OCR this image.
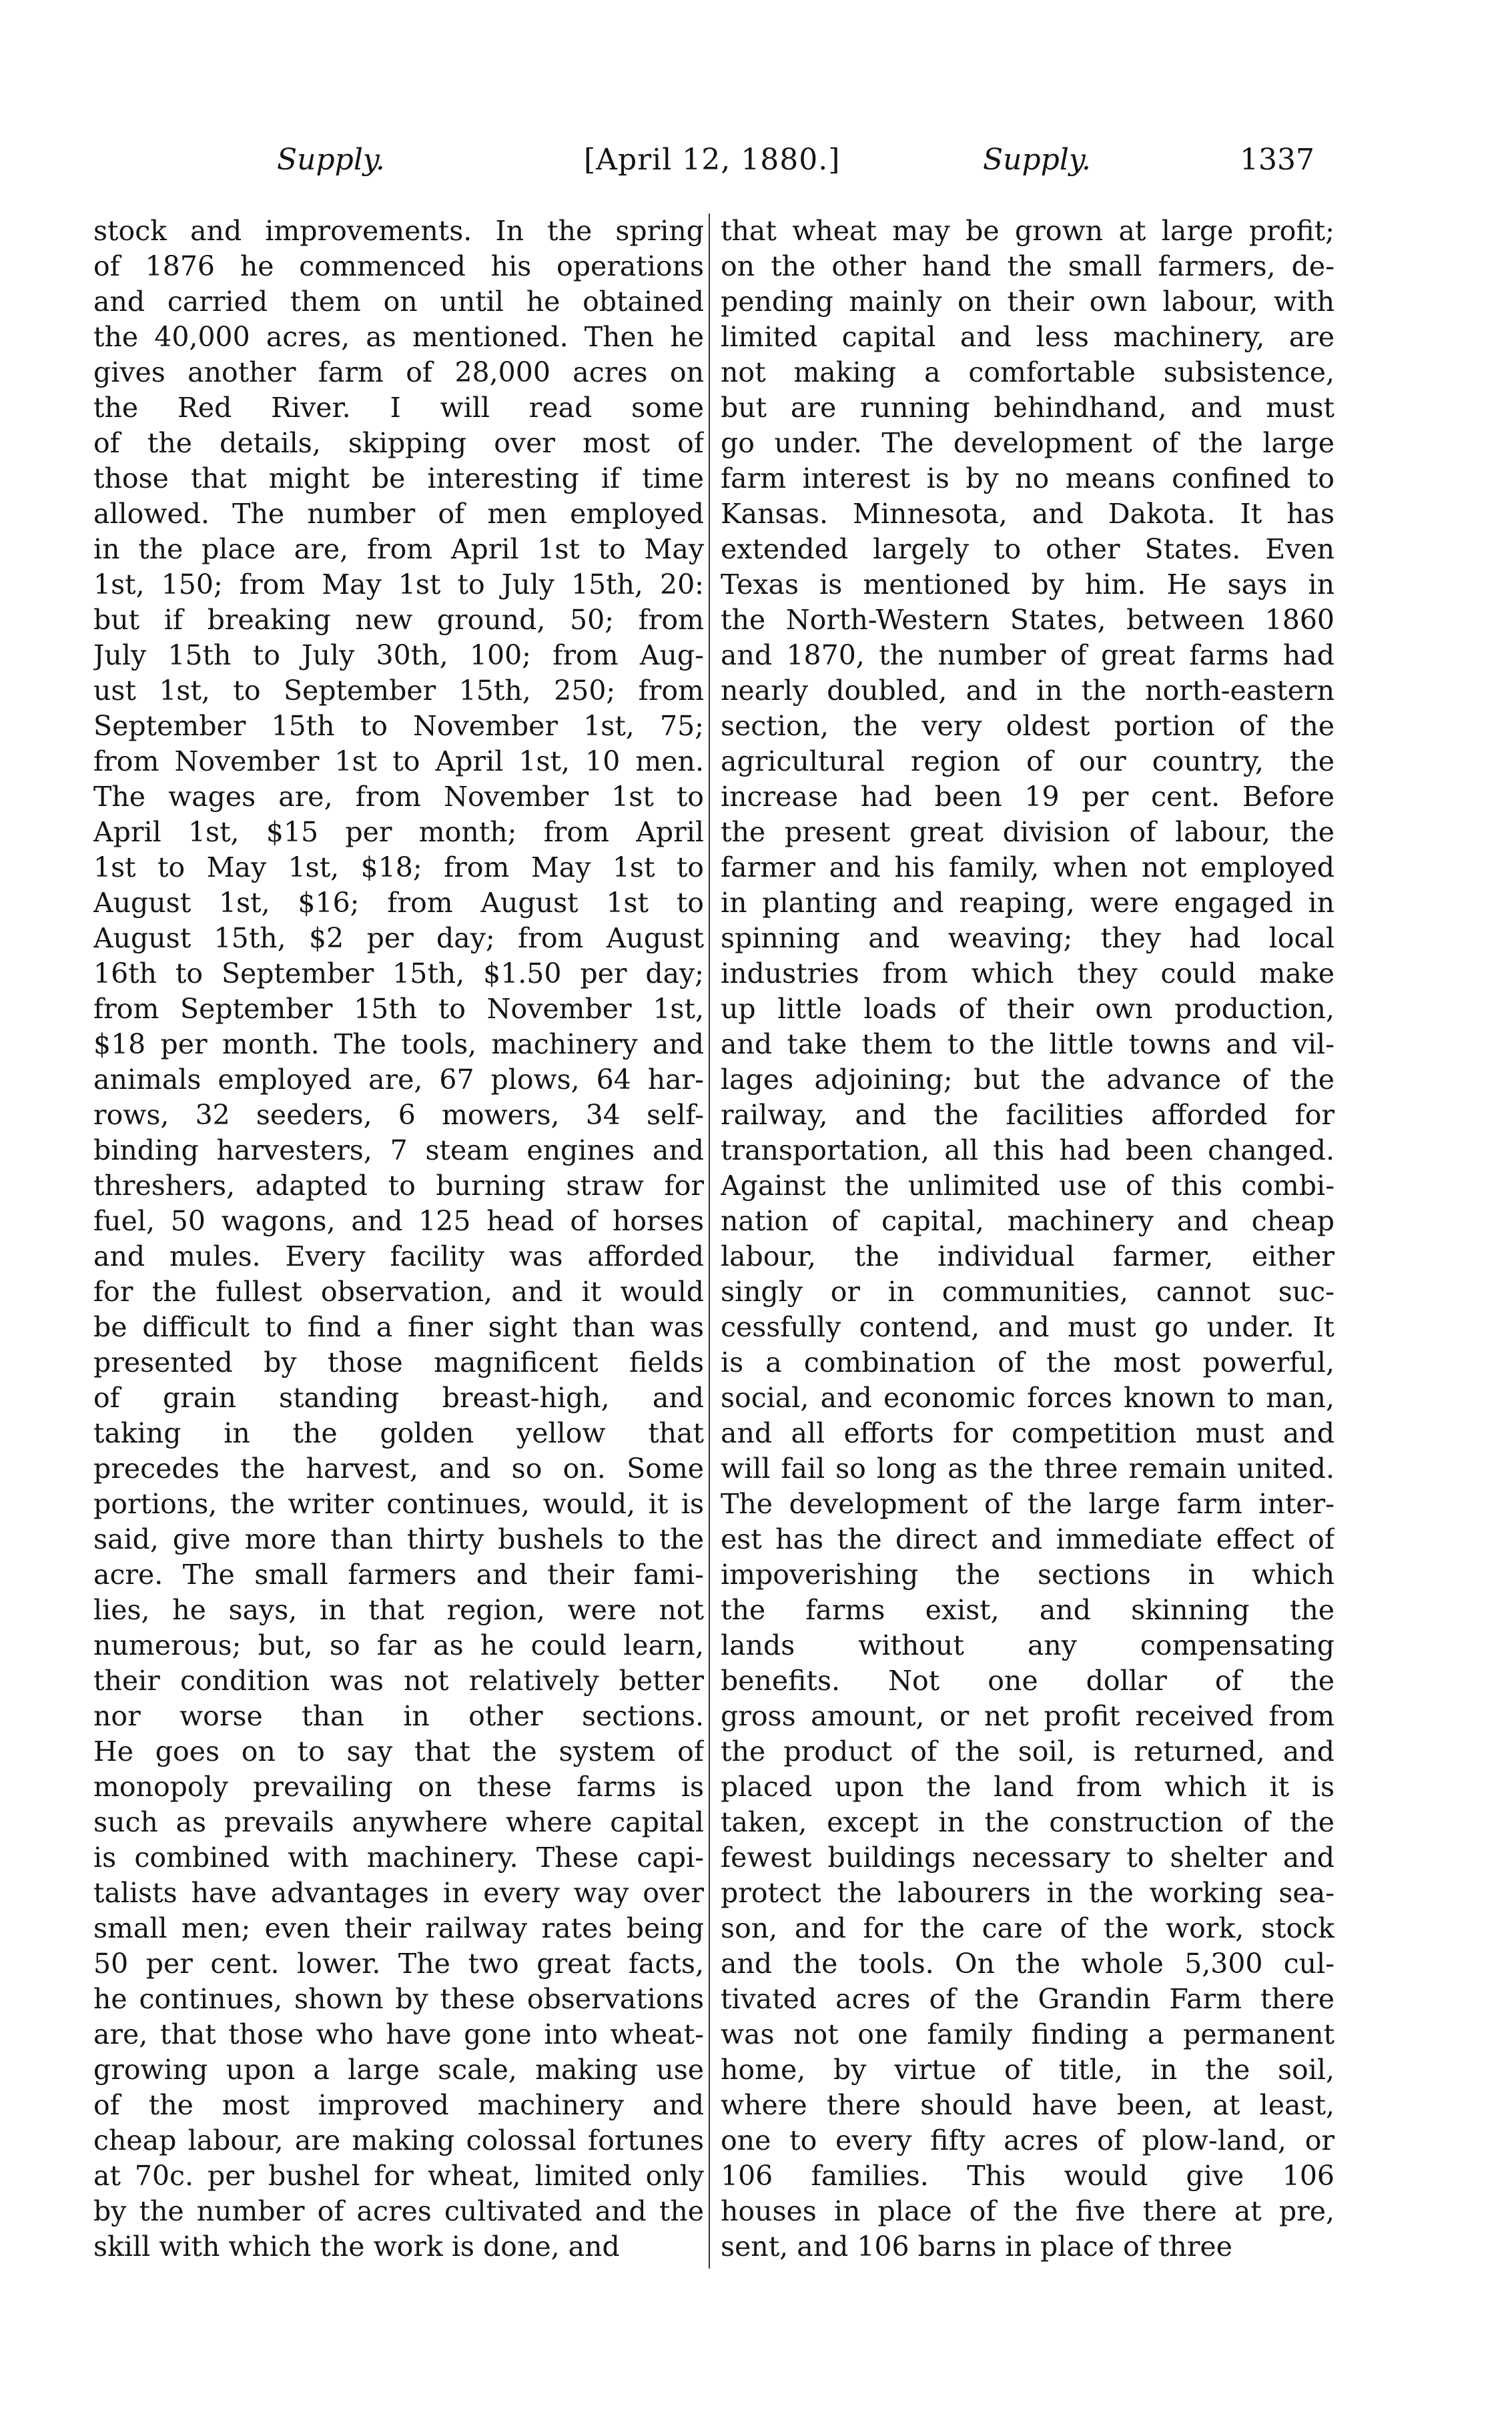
Supply.	[April 12, 1880.]	Supply.	1337
stock and improvements. In the spring
of 1876 he commenced his operations
and carried them on until he obtained
the 40,000 acres, as mentioned. Then he
gives another farm of 28,000 acres on
the Red River. I will read some
of the details, skipping over most of
those that might be interesting if time
allowed. The number of men employed
in the place are, from April 1st to May
1st, 150; from May 1st to July 15th, 20:
but if breaking new ground, 50; from
July 15th to July 30th, 100; from Aug-
ust 1st, to September 15th, 250; from
September 15th to November 1st, 75;
from November 1st to April 1st, 10 men.
The wages are, from November 1st to
April 1st, $15 per month; from April
1st to May 1st, $18; from May 1st to
August 1st, $16; from August 1st to
August 15th, $2 per day; from August
16th to September 15th, $1.50 per day;
from September 15th to November 1st,
$18 per month. The tools, machinery and
animals employed are, 67 plows, 64 har-
rows, 32 seeders, 6 mowers, 34 self-
binding harvesters, 7 steam engines and
threshers, adapted to burning straw for
fuel, 50 wagons, and 125 head of horses
and mules. Every facility was afforded
for the fullest observation, and it would
be difficult to find a finer sight than was
presented by those magnificent fields
of grain standing breast-high, and
taking in the golden yellow that
precedes the harvest, and so on. Some
portions, the writer continues, would, it is
said, give more than thirty bushels to the
acre. The small farmers and their fami-
lies, he says, in that region, were not
numerous; but, so far as he could learn,
their condition was not relatively better
nor worse than in other sections.
He goes on to say that the system of
monopoly prevailing on these farms is
such as prevails anywhere where capital
is combined with machinery. These capi-
talists have advantages in every way over
small men; even their railway rates being
50 per cent. lower. The two great facts,
he continues, shown by these observations
are, that those who have gone into wheat-
growing upon a large scale, making use
of the most improved machinery and
cheap labour, are making colossal fortunes
at 70c. per bushel for wheat, limited only
by the number of acres cultivated and the
skill with which the work is done, and
that wheat may be grown at large profit;
on the other hand the small farmers, de-
pending mainly on their own labour, with
limited capital and less machinery, are
not making a comfortable subsistence,
but are running behindhand, and must
go under. The development of the large
farm interest is by no means confined to
Kansas. Minnesota, and Dakota. It has
extended largely to other States. Even
Texas is mentioned by him. He says in
the North-Western States, between 1860
and 1870, the number of great farms had
nearly doubled, and in the north-eastern
section, the very oldest portion of the
agricultural region of our country, the
increase had been 19 per cent. Before
the present great division of labour, the
farmer and his family, when not employed
in planting and reaping, were engaged in
spinning and weaving; they had local
industries from which they could make
up little loads of their own production,
and take them to the little towns and vil-
lages adjoining; but the advance of the
railway, and the facilities afforded for
transportation, all this had been changed.
Against the unlimited use of this combi-
nation of capital, machinery and cheap
labour, the individual farmer, either
singly or in communities, cannot suc-
cessfully contend, and must go under. It
is a combination of the most powerful,
social, and economic forces known to man,
and all efforts for competition must and
will fail so long as the three remain united.
The development of the large farm inter-
est has the direct and immediate effect of
impoverishing the sections in which
the farms exist, and skinning the
lands without any compensating
benefits. Not one dollar of the
gross amount, or net profit received from
the product of the soil, is returned, and
placed upon the land from which it is
taken, except in the construction of the
fewest buildings necessary to shelter and
protect the labourers in the working sea-
son, and for the care of the work, stock
and the tools. On the whole 5,300 cul-
tivated acres of the Grandin Farm there
was not one family finding a permanent
home, by virtue of title, in the soil,
where there should have been, at least,
one to every fifty acres of plow-land, or
106 families. This would give 106
houses in place of the five there at pre,
sent, and 106 barns in place of three
